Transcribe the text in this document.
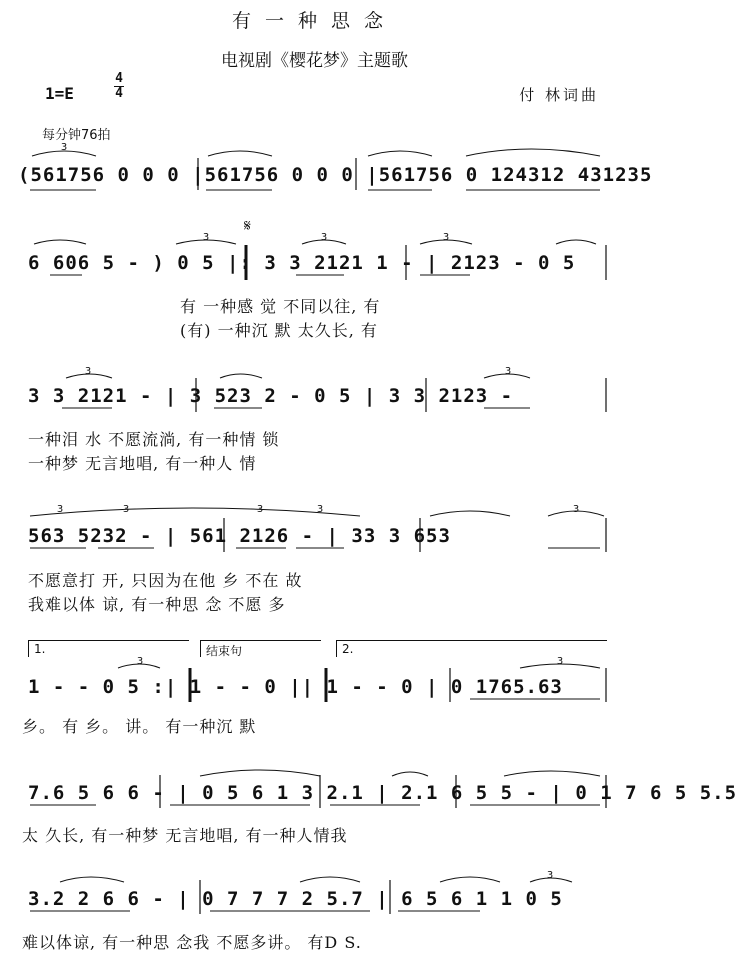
有一种思念
电视剧《樱花梦》主题歌
1=E
4
4	付 林词曲
每分钟76拍
(561756 0 0 0 |561756 0 0 0 |561756 0 124312 431235
6 606 5 - ) 0 5 |: 3 3 2121 1 - | 2123 - 0 5
有 一种感 觉 不同以往, 有
(有) 一种沉 默 太久长, 有
𝄋
3 3 2121 - | 3 523 2 - 0 5 | 3 3 2123 -
一种泪 水 不愿流淌, 有一种情 锁
一种梦 无言地唱, 有一种人 情
563 5232 - | 561 2126 - | 33 3 653
不愿意打 开, 只因为在他 乡 不在 故
我难以体 谅, 有一种思 念 不愿 多
1.	结束句	2.
1 - - 0 5 :| 1 - - 0 || 1 - - 0 | 0 1765.63
乡。 有 乡。 讲。 有一种沉 默
7.6 5 6 6 - | 0 5 6 1 3 2.1 | 2.1 6 5 5 - | 0 1 7 6 5 5.5
太 久长, 有一种梦 无言地唱, 有一种人情我
3.2 2 6 6 - | 0 7 7 7 2 5.7 | 6 5 6 1 1 0 5
难以体谅, 有一种思 念我 不愿多讲。 有D S.
3
3	3	3
3	3
3	3	3	3	3
3	3
3
